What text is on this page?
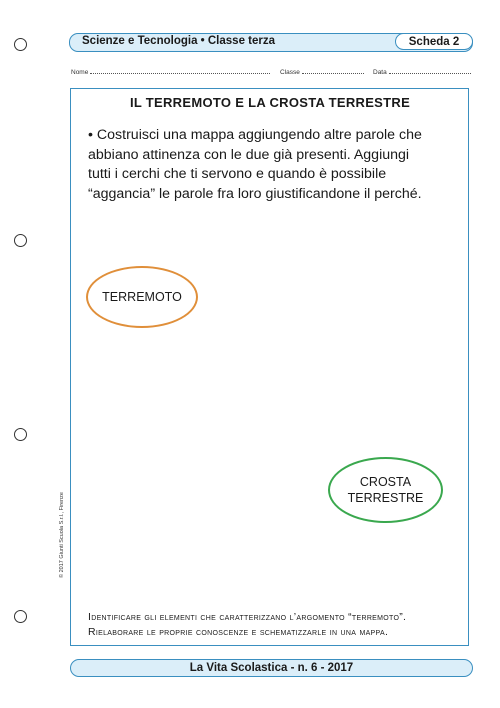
Scienze e Tecnologia • Classe terza	Scheda 2
Nome	Classe	Data
IL TERREMOTO E LA CROSTA TERRESTRE
• Costruisci una mappa aggiungendo altre parole che abbiano attinenza con le due già presenti. Aggiungi tutti i cerchi che ti servono e quando è possibile “aggancia” le parole fra loro giustificandone il perché.
TERREMOTO
CROSTA
TERRESTRE
Identificare gli elementi che caratterizzano l’argomento “terremoto”.
Rielaborare le proprie conoscenze e schematizzarle in una mappa.
© 2017 Giunti Scuola S.r.l., Firenze
La Vita Scolastica - n. 6 - 2017
